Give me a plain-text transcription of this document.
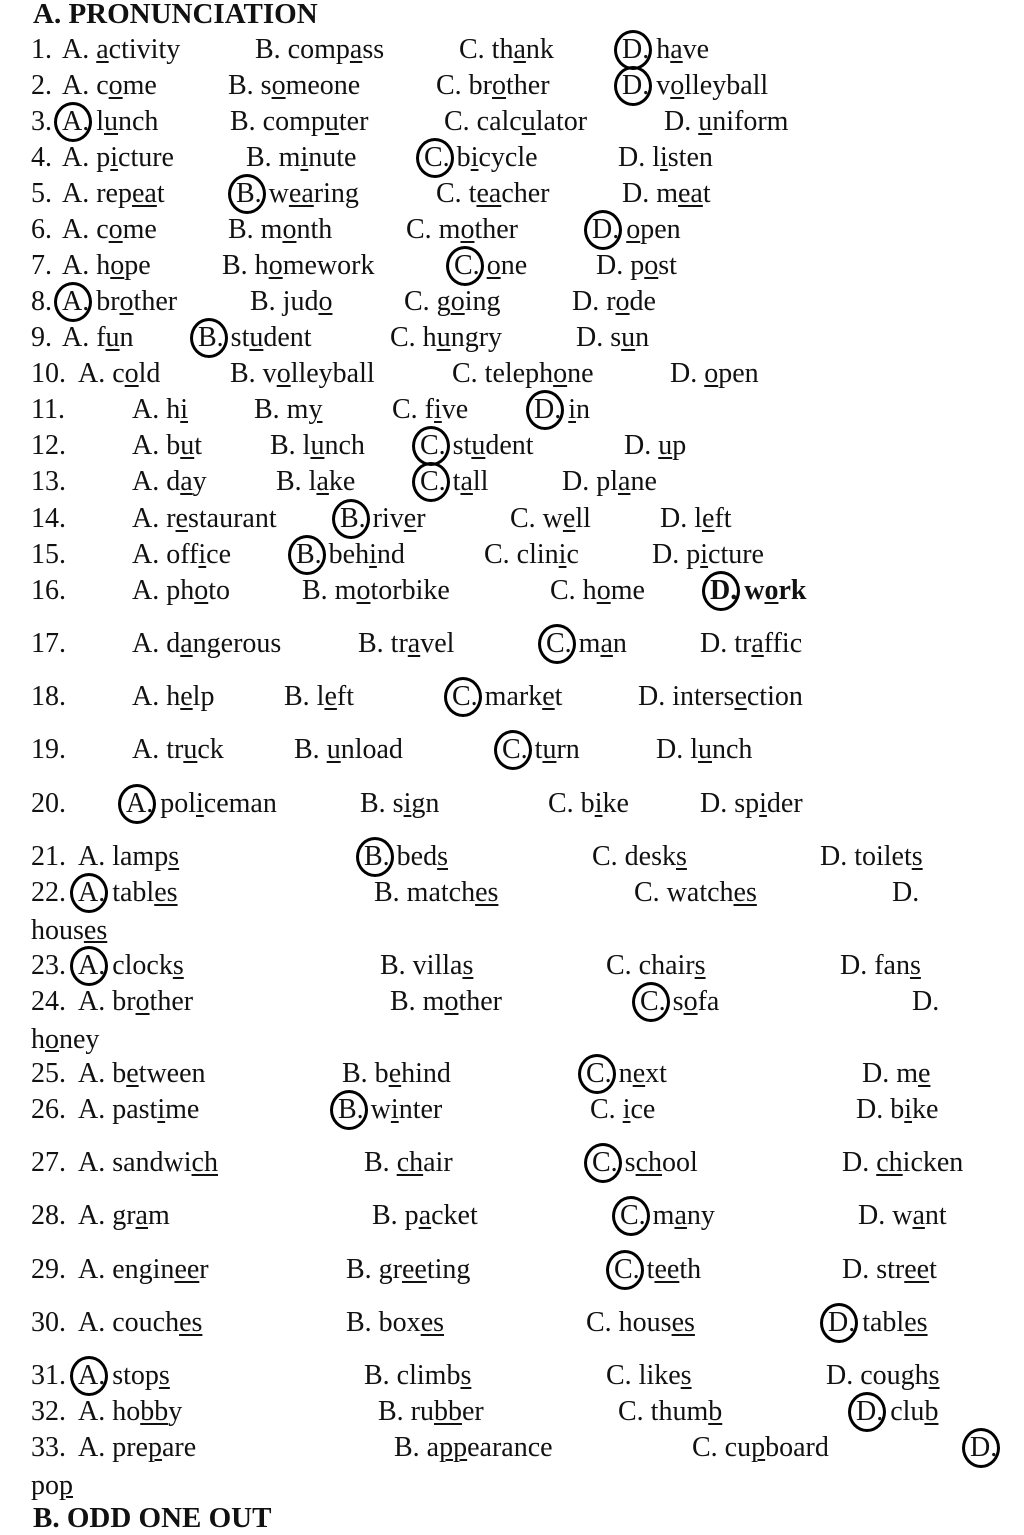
A. PRONUNCIATION
1. A. activity	B. compass	C. thank D. have
2. A. come	B. someone	C. brother	D. volleyball
3. A. lunch	B. computer	C. calculator	D. uniform
4. A. picture	B. minute C. bicycle	D. listen
5. A. repeat	B. wearing	C. teacher	D. meat
6. A. come	B. month	C. mother	D. open
7. A. hope	B. homework	C. one D. post
8. A. brother	B. judo	C. going	D. rode
9. A. fun B. student	C. hungry	D. sun
10. A. cold B. volleyball	C. telephone	D. open
11. A. hi B. my C. five D. in
12. A. but B. lunch C. student	D. up
13. A. day B. lake C. tall	D. plane
14. A. restaurant B. river	C. well D. left
15. A. office B. behind	C. clinic	D. picture
16. A. photo	B. motorbike	C. home D. work
17. A. dangerous	B. travel	C. man	D. traffic
18. A. help B. left	C. market	D. intersection
19. A. truck	B. unload	C. turn	D. lunch
20. A. policeman	B. sign	C. bike	D. spider
21. A. lamps	B. beds	C. desks	D. toilets
22. A. tables	B. matches	C. watches	D.
houses
23. A. clocks	B. villas	C. chairs	D. fans
24. A. brother	B. mother	C. sofa	D.
honey
25. A. between	B. behind	C. next	D. me
26. A. pastime	B. winter	C. ice	D. bike
27. A. sandwich	B. chair	C. school	D. chicken
28. A. gram	B. packet	C. many	D. want
29. A. engineer	B. greeting	C. teeth	D. street
30. A. couches	B. boxes	C. houses	D. tables
31. A. stops	B. climbs	C. likes	D. coughs
32. A. hobby	B. rubber	C. thumb	D. club
33. A. prepare	B. appearance	C. cupboard	D.
pop
B. ODD ONE OUT
